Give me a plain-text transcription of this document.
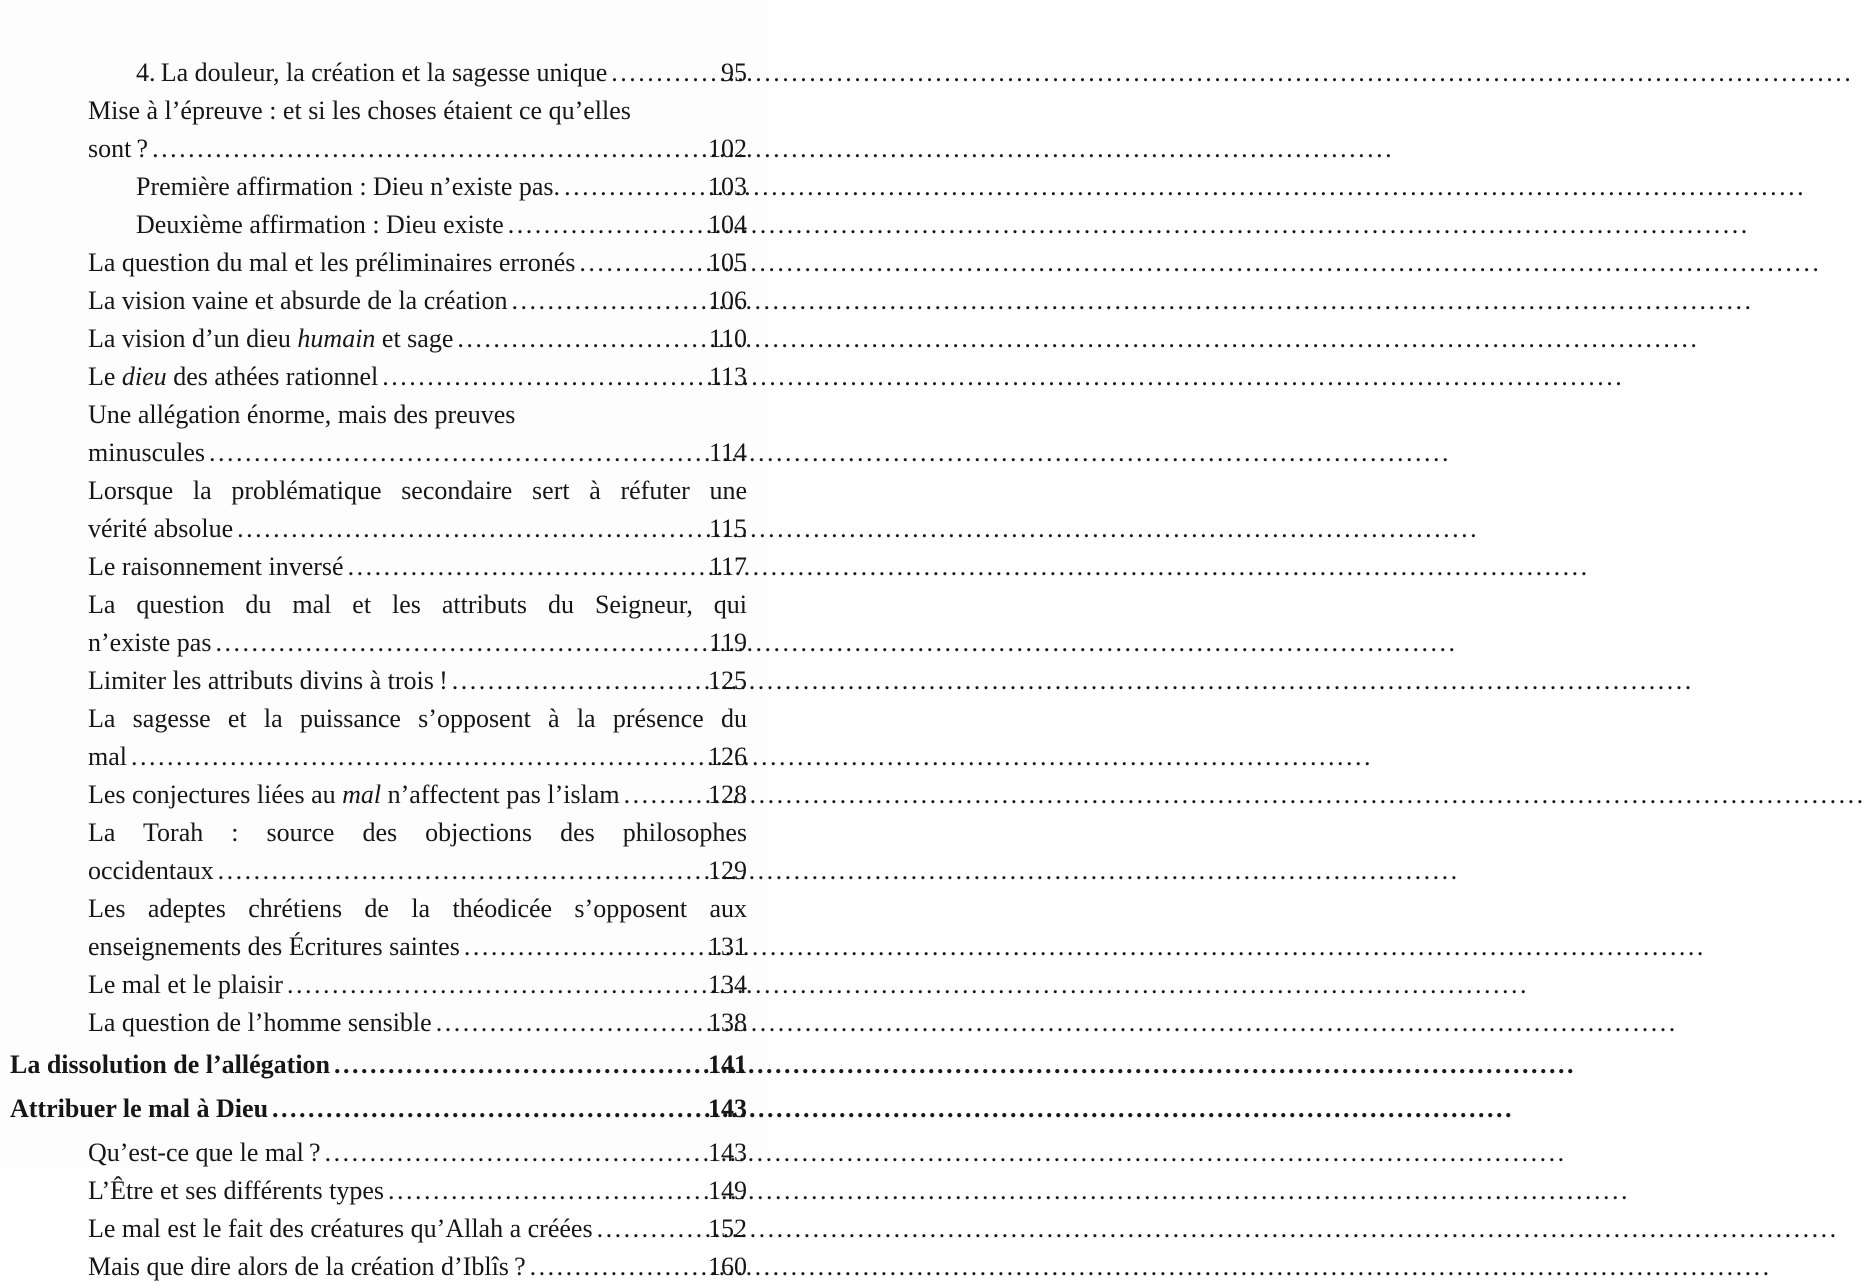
4. La douleur, la création et la sagesse unique .....	95
Mise à l’épreuve : et si les choses étaient ce qu’elles
sont ? .....	102
Première affirmation : Dieu n’existe pas. .....	103
Deuxième affirmation : Dieu existe .....	104
La question du mal et les préliminaires erronés .....	105
La vision vaine et absurde de la création .....	106
La vision d’un dieu humain et sage .....	110
Le dieu des athées rationnel .....	113
Une allégation énorme, mais des preuves
minuscules .....	114
Lorsque la problématique secondaire sert à réfuter une
vérité absolue .....	115
Le raisonnement inversé .....	117
La question du mal et les attributs du Seigneur, qui
n’existe pas .....	119
Limiter les attributs divins à trois ! .....	125
La sagesse et la puissance s’opposent à la présence du
mal .....	126
Les conjectures liées au mal n’affectent pas l’islam .....	128
La Torah : source des objections des philosophes
occidentaux .....	129
Les adeptes chrétiens de la théodicée s’opposent aux
enseignements des Écritures saintes .....	131
Le mal et le plaisir .....	134
La question de l’homme sensible .....	138
La dissolution de l’allégation .....	141
Attribuer le mal à Dieu .....	143
Qu’est-ce que le mal ? .....	143
L’Être et ses différents types .....	149
Le mal est le fait des créatures qu’Allah a créées .....	152
Mais que dire alors de la création d’Iblîs ? .....	160
